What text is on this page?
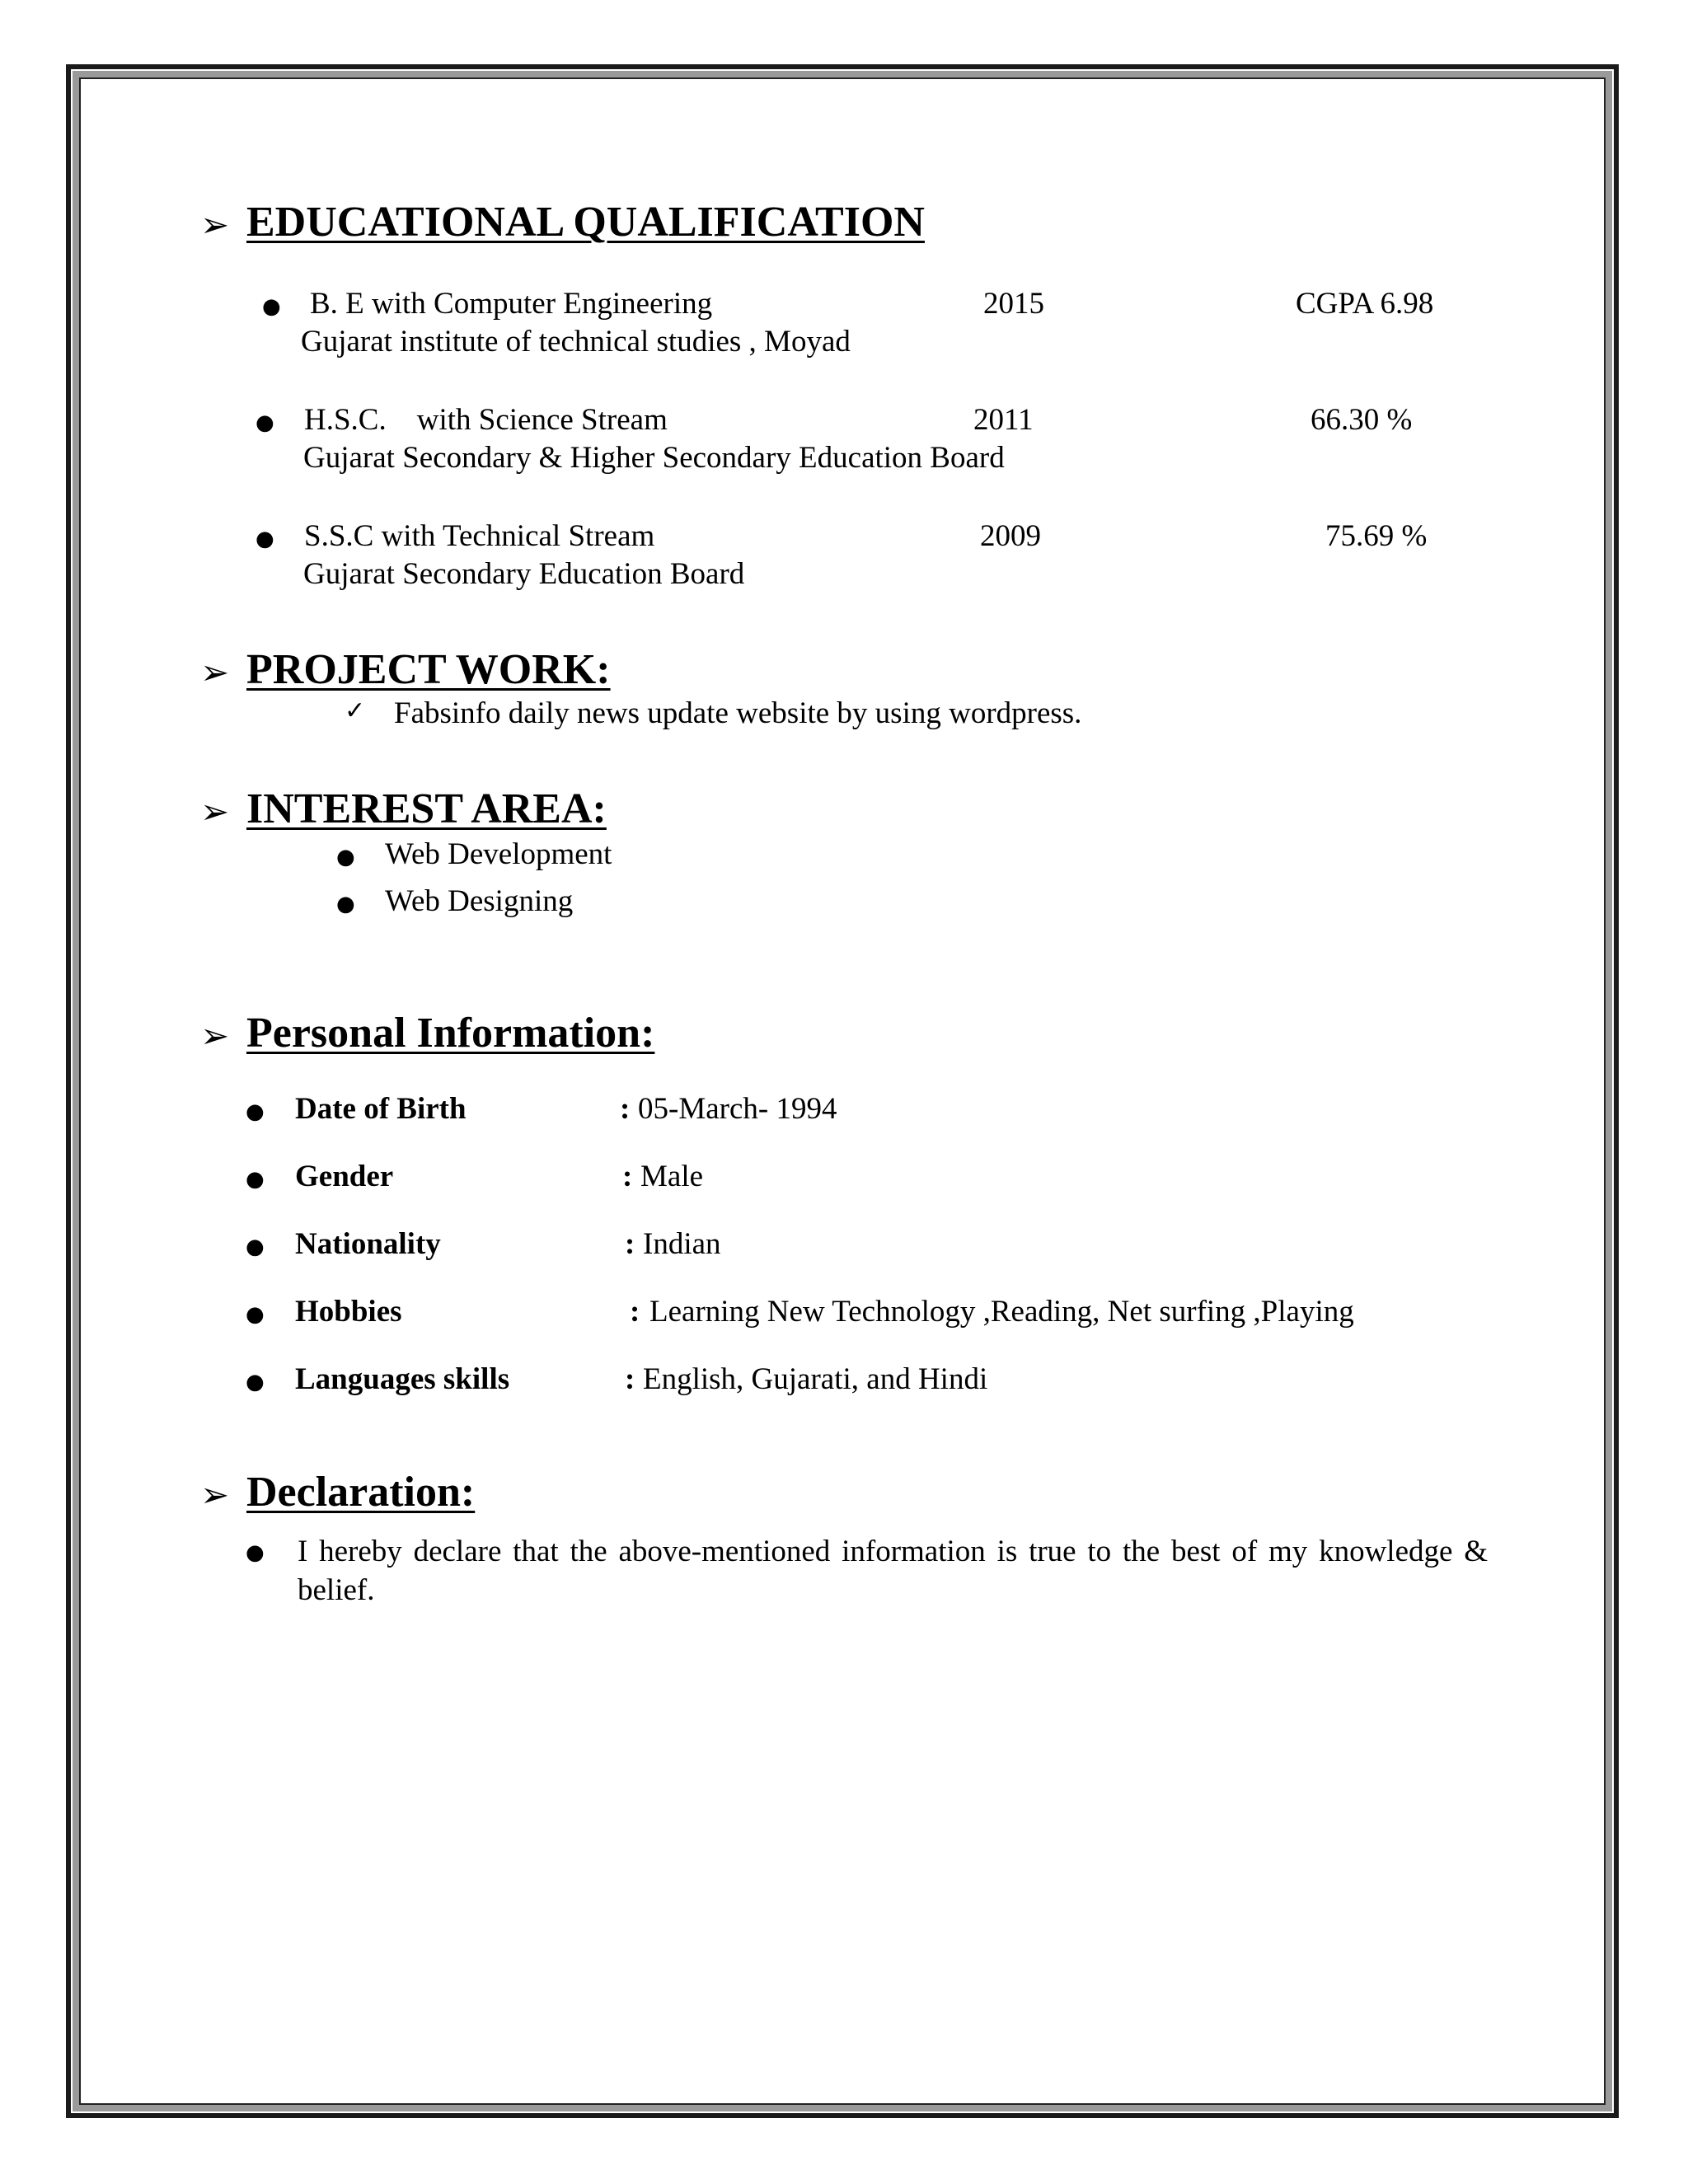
➢ EDUCATIONAL QUALIFICATION
● B. E with Computer Engineering	2015	CGPA 6.98
Gujarat institute of technical studies , Moyad
● H.S.C.    with Science Stream	2011	66.30 %
Gujarat Secondary & Higher Secondary Education Board
● S.S.C with Technical Stream	2009	75.69 %
Gujarat Secondary Education Board
➢ PROJECT WORK:
✓ Fabsinfo daily news update website by using wordpress.
➢ INTEREST AREA:
● Web Development
● Web Designing
➢ Personal Information:
● Date of Birth	: 05-March- 1994
● Gender	: Male
● Nationality	: Indian
● Hobbies	: Learning New Technology ,Reading, Net surfing ,Playing
● Languages skills	: English, Gujarati, and Hindi
➢ Declaration:
● I hereby declare that the above-mentioned information is true to the best of my knowledge & belief.
